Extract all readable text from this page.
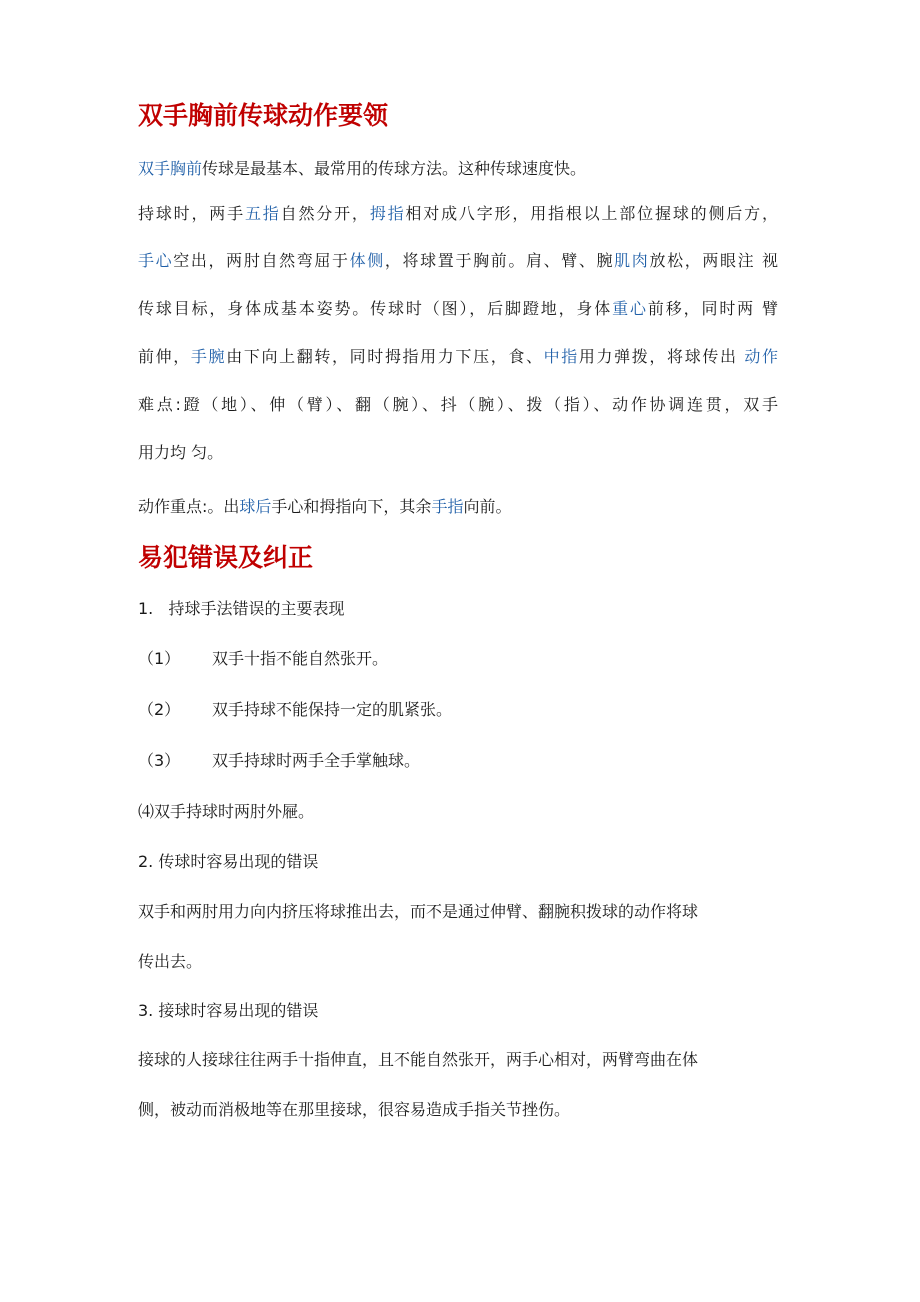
双手胸前传球动作要领

双手胸前传球是最基本、最常用的传球方法。这种传球速度快。

持球时，两手五指自然分开，拇指相对成八字形，用指根以上部位握球的侧后方，

手心空出，两肘自然弯屈于体侧，将球置于胸前。肩、臂、腕肌肉放松，两眼注 视

传球目标，身体成基本姿势。传球时（图），后脚蹬地，身体重心前移，同时两 臂

前伸，手腕由下向上翻转，同时拇指用力下压，食、中指用力弹拨，将球传出 动作

难点:蹬（地）、伸（臂）、翻（腕）、抖（腕）、拨（指）、动作协调连贯，双手

用力均 匀。

动作重点:。出球后手心和拇指向下，其余手指向前。

易犯错误及纠正

1.   持球手法错误的主要表现

（1） 双手十指不能自然张开。

（2） 双手持球不能保持一定的肌紧张。

（3） 双手持球时两手全手掌触球。

⑷双手持球时两肘外屜。

2. 传球时容易出现的错误

双手和两肘用力向内挤压将球推出去，而不是通过伸臂、翻腕积拨球的动作将球

传出去。

3. 接球时容易出现的错误

接球的人接球往往两手十指伸直，且不能自然张开，两手心相对，两臂弯曲在体

侧，被动而消极地等在那里接球，很容易造成手指关节挫伤。
